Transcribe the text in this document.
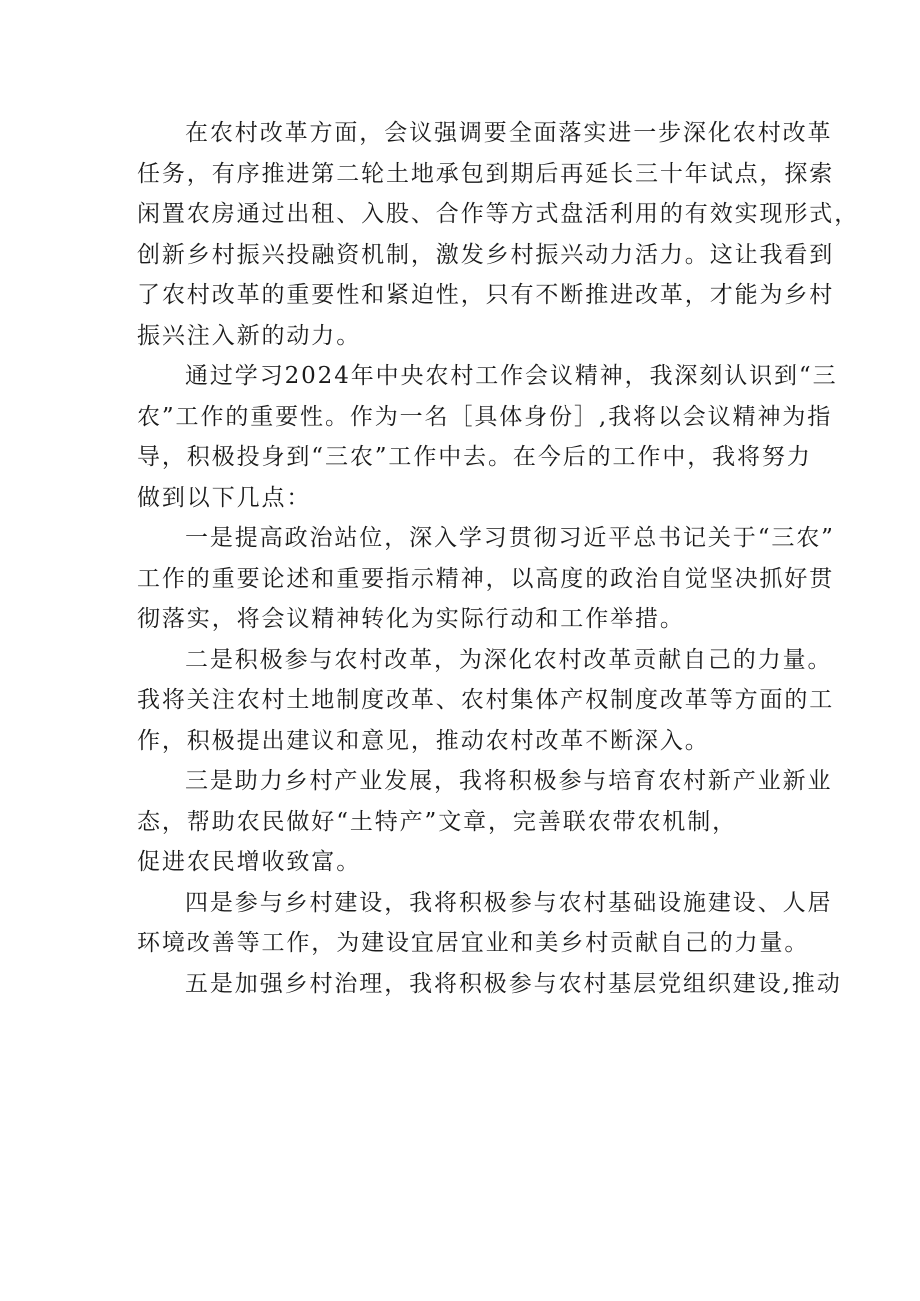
在农村改革方面，会议强调要全面落实进一步深化农村改革
任务，有序推进第二轮土地承包到期后再延长三十年试点，探索
闲置农房通过出租、入股、合作等方式盘活利用的有效实现形式，
创新乡村振兴投融资机制，激发乡村振兴动力活力。这让我看到
了农村改革的重要性和紧迫性，只有不断推进改革，才能为乡村
振兴注入新的动力。

通过学习2024年中央农村工作会议精神，我深刻认识到“三
农”工作的重要性。作为一名［具体身份］,我将以会议精神为指
导，积极投身到“三农”工作中去。在今后的工作中，我将努力
做到以下几点：

一是提高政治站位，深入学习贯彻习近平总书记关于“三农”
工作的重要论述和重要指示精神，以高度的政治自觉坚决抓好贯
彻落实，将会议精神转化为实际行动和工作举措。

二是积极参与农村改革，为深化农村改革贡献自己的力量。
我将关注农村土地制度改革、农村集体产权制度改革等方面的工
作，积极提出建议和意见，推动农村改革不断深入。

三是助力乡村产业发展，我将积极参与培育农村新产业新业
态，帮助农民做好“土特产”文章，完善联农带农机制，
促进农民增收致富。

四是参与乡村建设，我将积极参与农村基础设施建设、人居
环境改善等工作，为建设宜居宜业和美乡村贡献自己的力量。

五是加强乡村治理，我将积极参与农村基层党组织建设,推动
